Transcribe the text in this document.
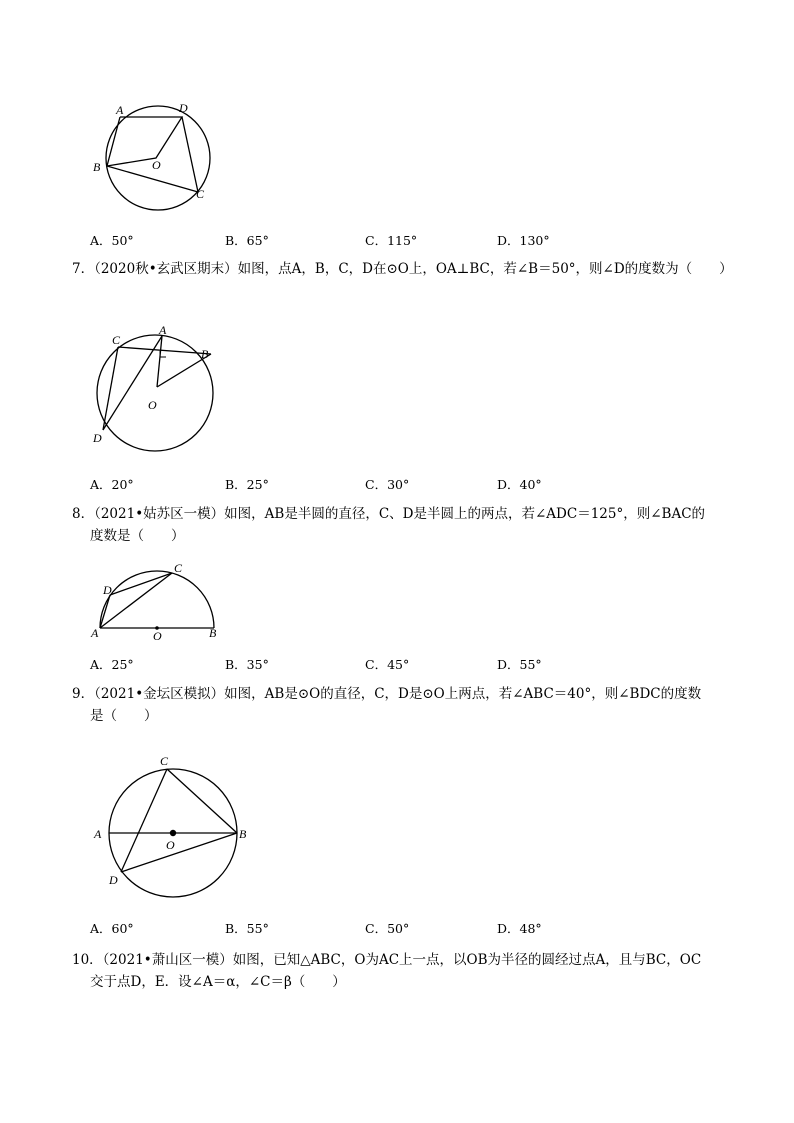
A	D
B	O
C
A．50°	B．65°	C．115°	D．130°
7．（2020秋•玄武区期末）如图，点A，B，C，D在⊙O上，OA⊥BC，若∠B＝50°，则∠D的度数为（　　）
C
A
B
O
D
A．20°	B．25°	C．30°	D．40°
8．（2021•姑苏区一模）如图，AB是半圆的直径，C、D是半圆上的两点，若∠ADC＝125°，则∠BAC的
度数是（　　）
C
D
A	O	B
A．25°	B．35°	C．45°	D．55°
9．（2021•金坛区模拟）如图，AB是⊙O的直径，C，D是⊙O上两点，若∠ABC＝40°，则∠BDC的度数
是（　　）
C
A	B
O
D
A．60°	B．55°	C．50°	D．48°
10．（2021•萧山区一模）如图，已知△ABC，O为AC上一点，以OB为半径的圆经过点A，且与BC，OC
交于点D，E．设∠A＝α，∠C＝β（　　）
